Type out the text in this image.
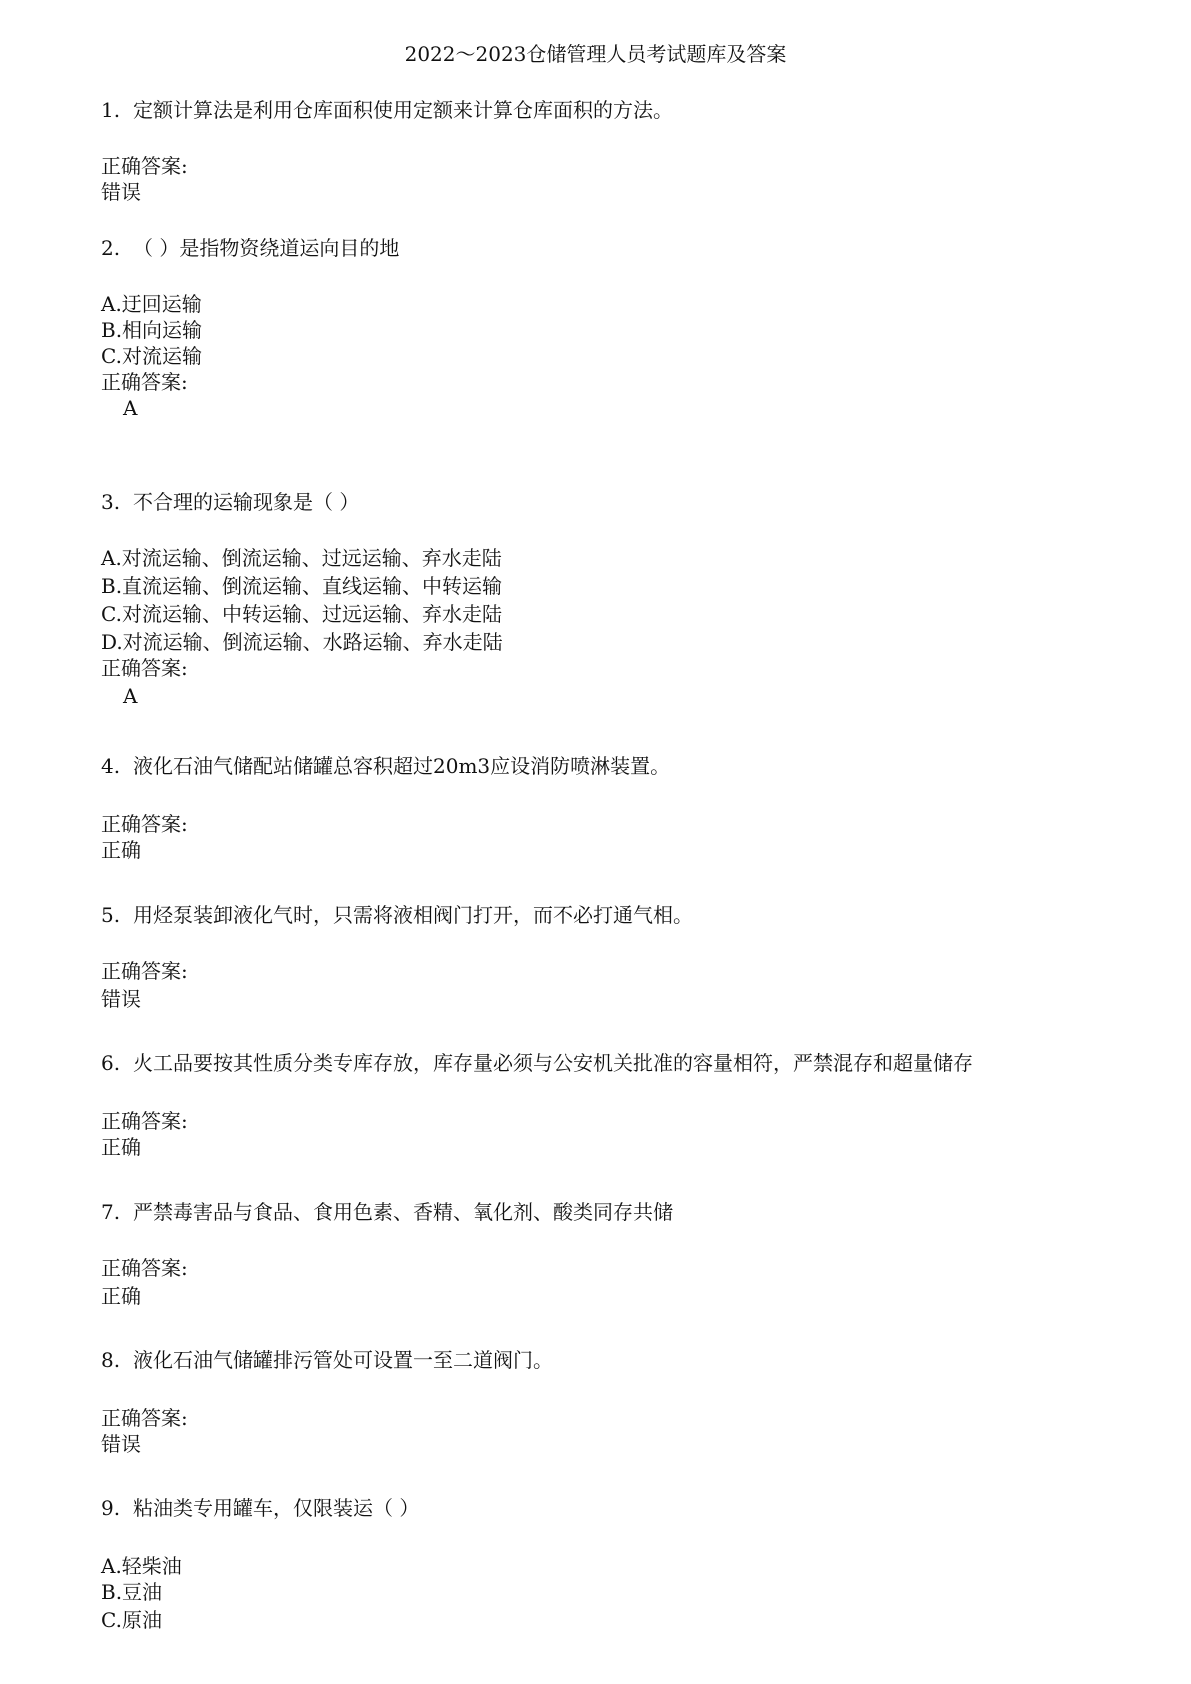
2022～2023仓储管理人员考试题库及答案
1. 定额计算法是利用仓库面积使用定额来计算仓库面积的方法。
正确答案:
错误
2. （ ）是指物资绕道运向目的地
A.迂回运输
B.相向运输
C.对流运输
正确答案:
A
3. 不合理的运输现象是（ ）
A.对流运输、倒流运输、过远运输、弃水走陆
B.直流运输、倒流运输、直线运输、中转运输
C.对流运输、中转运输、过远运输、弃水走陆
D.对流运输、倒流运输、水路运输、弃水走陆
正确答案:
A
4. 液化石油气储配站储罐总容积超过20m3应设消防喷淋装置。
正确答案:
正确
5. 用烃泵装卸液化气时，只需将液相阀门打开，而不必打通气相。
正确答案:
错误
6. 火工品要按其性质分类专库存放，库存量必须与公安机关批准的容量相符，严禁混存和超量储存
正确答案:
正确
7. 严禁毒害品与食品、食用色素、香精、氧化剂、酸类同存共储
正确答案:
正确
8. 液化石油气储罐排污管处可设置一至二道阀门。
正确答案:
错误
9. 粘油类专用罐车，仅限装运（ ）
A.轻柴油
B.豆油
C.原油
